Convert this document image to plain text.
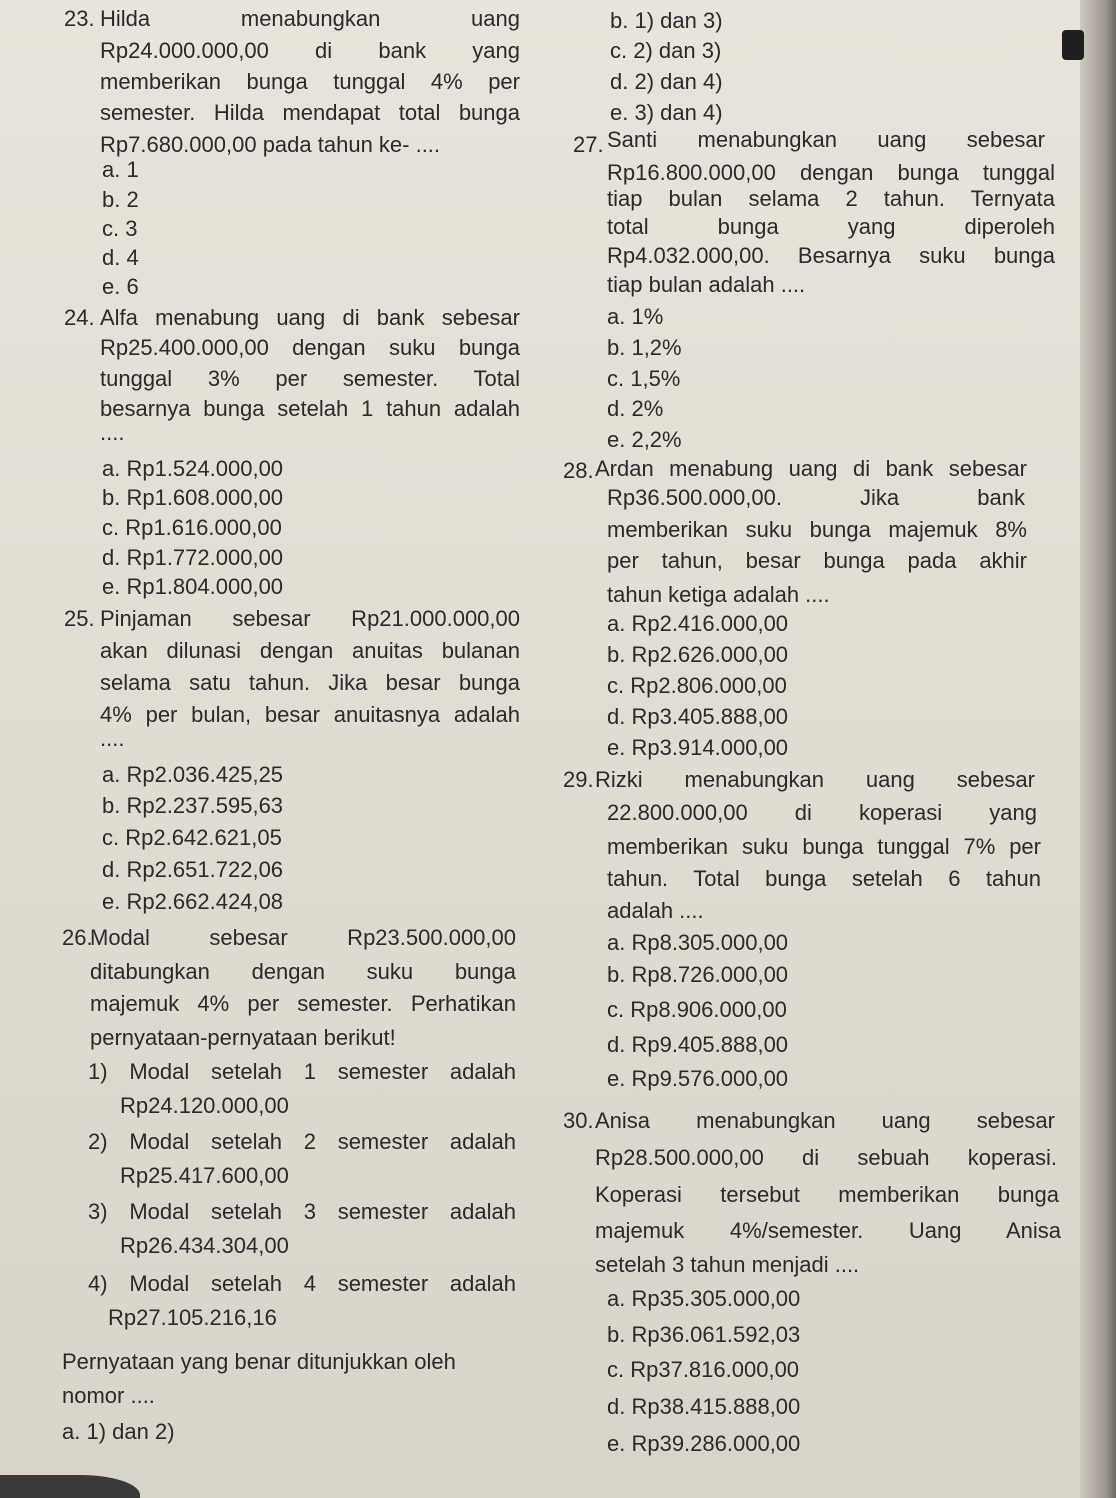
23. Hilda menabungkan uang
Rp24.000.000,00 di bank yang
memberikan bunga tunggal 4% per
semester. Hilda mendapat total bunga
Rp7.680.000,00 pada tahun ke- ....
a. 1
b. 2
c. 3
d. 4
e. 6
24. Alfa menabung uang di bank sebesar
Rp25.400.000,00 dengan suku bunga
tunggal 3% per semester. Total
besarnya bunga setelah 1 tahun adalah
....
a. Rp1.524.000,00
b. Rp1.608.000,00
c. Rp1.616.000,00
d. Rp1.772.000,00
e. Rp1.804.000,00
25. Pinjaman sebesar Rp21.000.000,00
akan dilunasi dengan anuitas bulanan
selama satu tahun. Jika besar bunga
4% per bulan, besar anuitasnya adalah
....
a. Rp2.036.425,25
b. Rp2.237.595,63
c. Rp2.642.621,05
d. Rp2.651.722,06
e. Rp2.662.424,08
26.
Modal sebesar Rp23.500.000,00
ditabungkan dengan suku bunga
majemuk 4% per semester. Perhatikan
pernyataan-pernyataan berikut!
1) Modal setelah 1 semester adalah
Rp24.120.000,00
2) Modal setelah 2 semester adalah
Rp25.417.600,00
3) Modal setelah 3 semester adalah
Rp26.434.304,00
4) Modal setelah 4 semester adalah
Rp27.105.216,16
Pernyataan yang benar ditunjukkan oleh
nomor ....
a. 1) dan 2)
b. 1) dan 3)
c. 2) dan 3)
d. 2) dan 4)
e. 3) dan 4)
27. Santi menabungkan uang sebesar
Rp16.800.000,00 dengan bunga tunggal
tiap bulan selama 2 tahun. Ternyata
total bunga yang diperoleh
Rp4.032.000,00. Besarnya suku bunga
tiap bulan adalah ....
a. 1%
b. 1,2%
c. 1,5%
d. 2%
e. 2,2%
28. Ardan menabung uang di bank sebesar
Rp36.500.000,00. Jika bank
memberikan suku bunga majemuk 8%
per tahun, besar bunga pada akhir
tahun ketiga adalah ....
a. Rp2.416.000,00
b. Rp2.626.000,00
c. Rp2.806.000,00
d. Rp3.405.888,00
e. Rp3.914.000,00
29. Rizki menabungkan uang sebesar
22.800.000,00 di koperasi yang
memberikan suku bunga tunggal 7% per
tahun. Total bunga setelah 6 tahun
adalah ....
a. Rp8.305.000,00
b. Rp8.726.000,00
c. Rp8.906.000,00
d. Rp9.405.888,00
e. Rp9.576.000,00
30. Anisa menabungkan uang sebesar
Rp28.500.000,00 di sebuah koperasi.
Koperasi tersebut memberikan bunga
majemuk 4%/semester. Uang Anisa
setelah 3 tahun menjadi ....
a. Rp35.305.000,00
b. Rp36.061.592,03
c. Rp37.816.000,00
d. Rp38.415.888,00
e. Rp39.286.000,00
